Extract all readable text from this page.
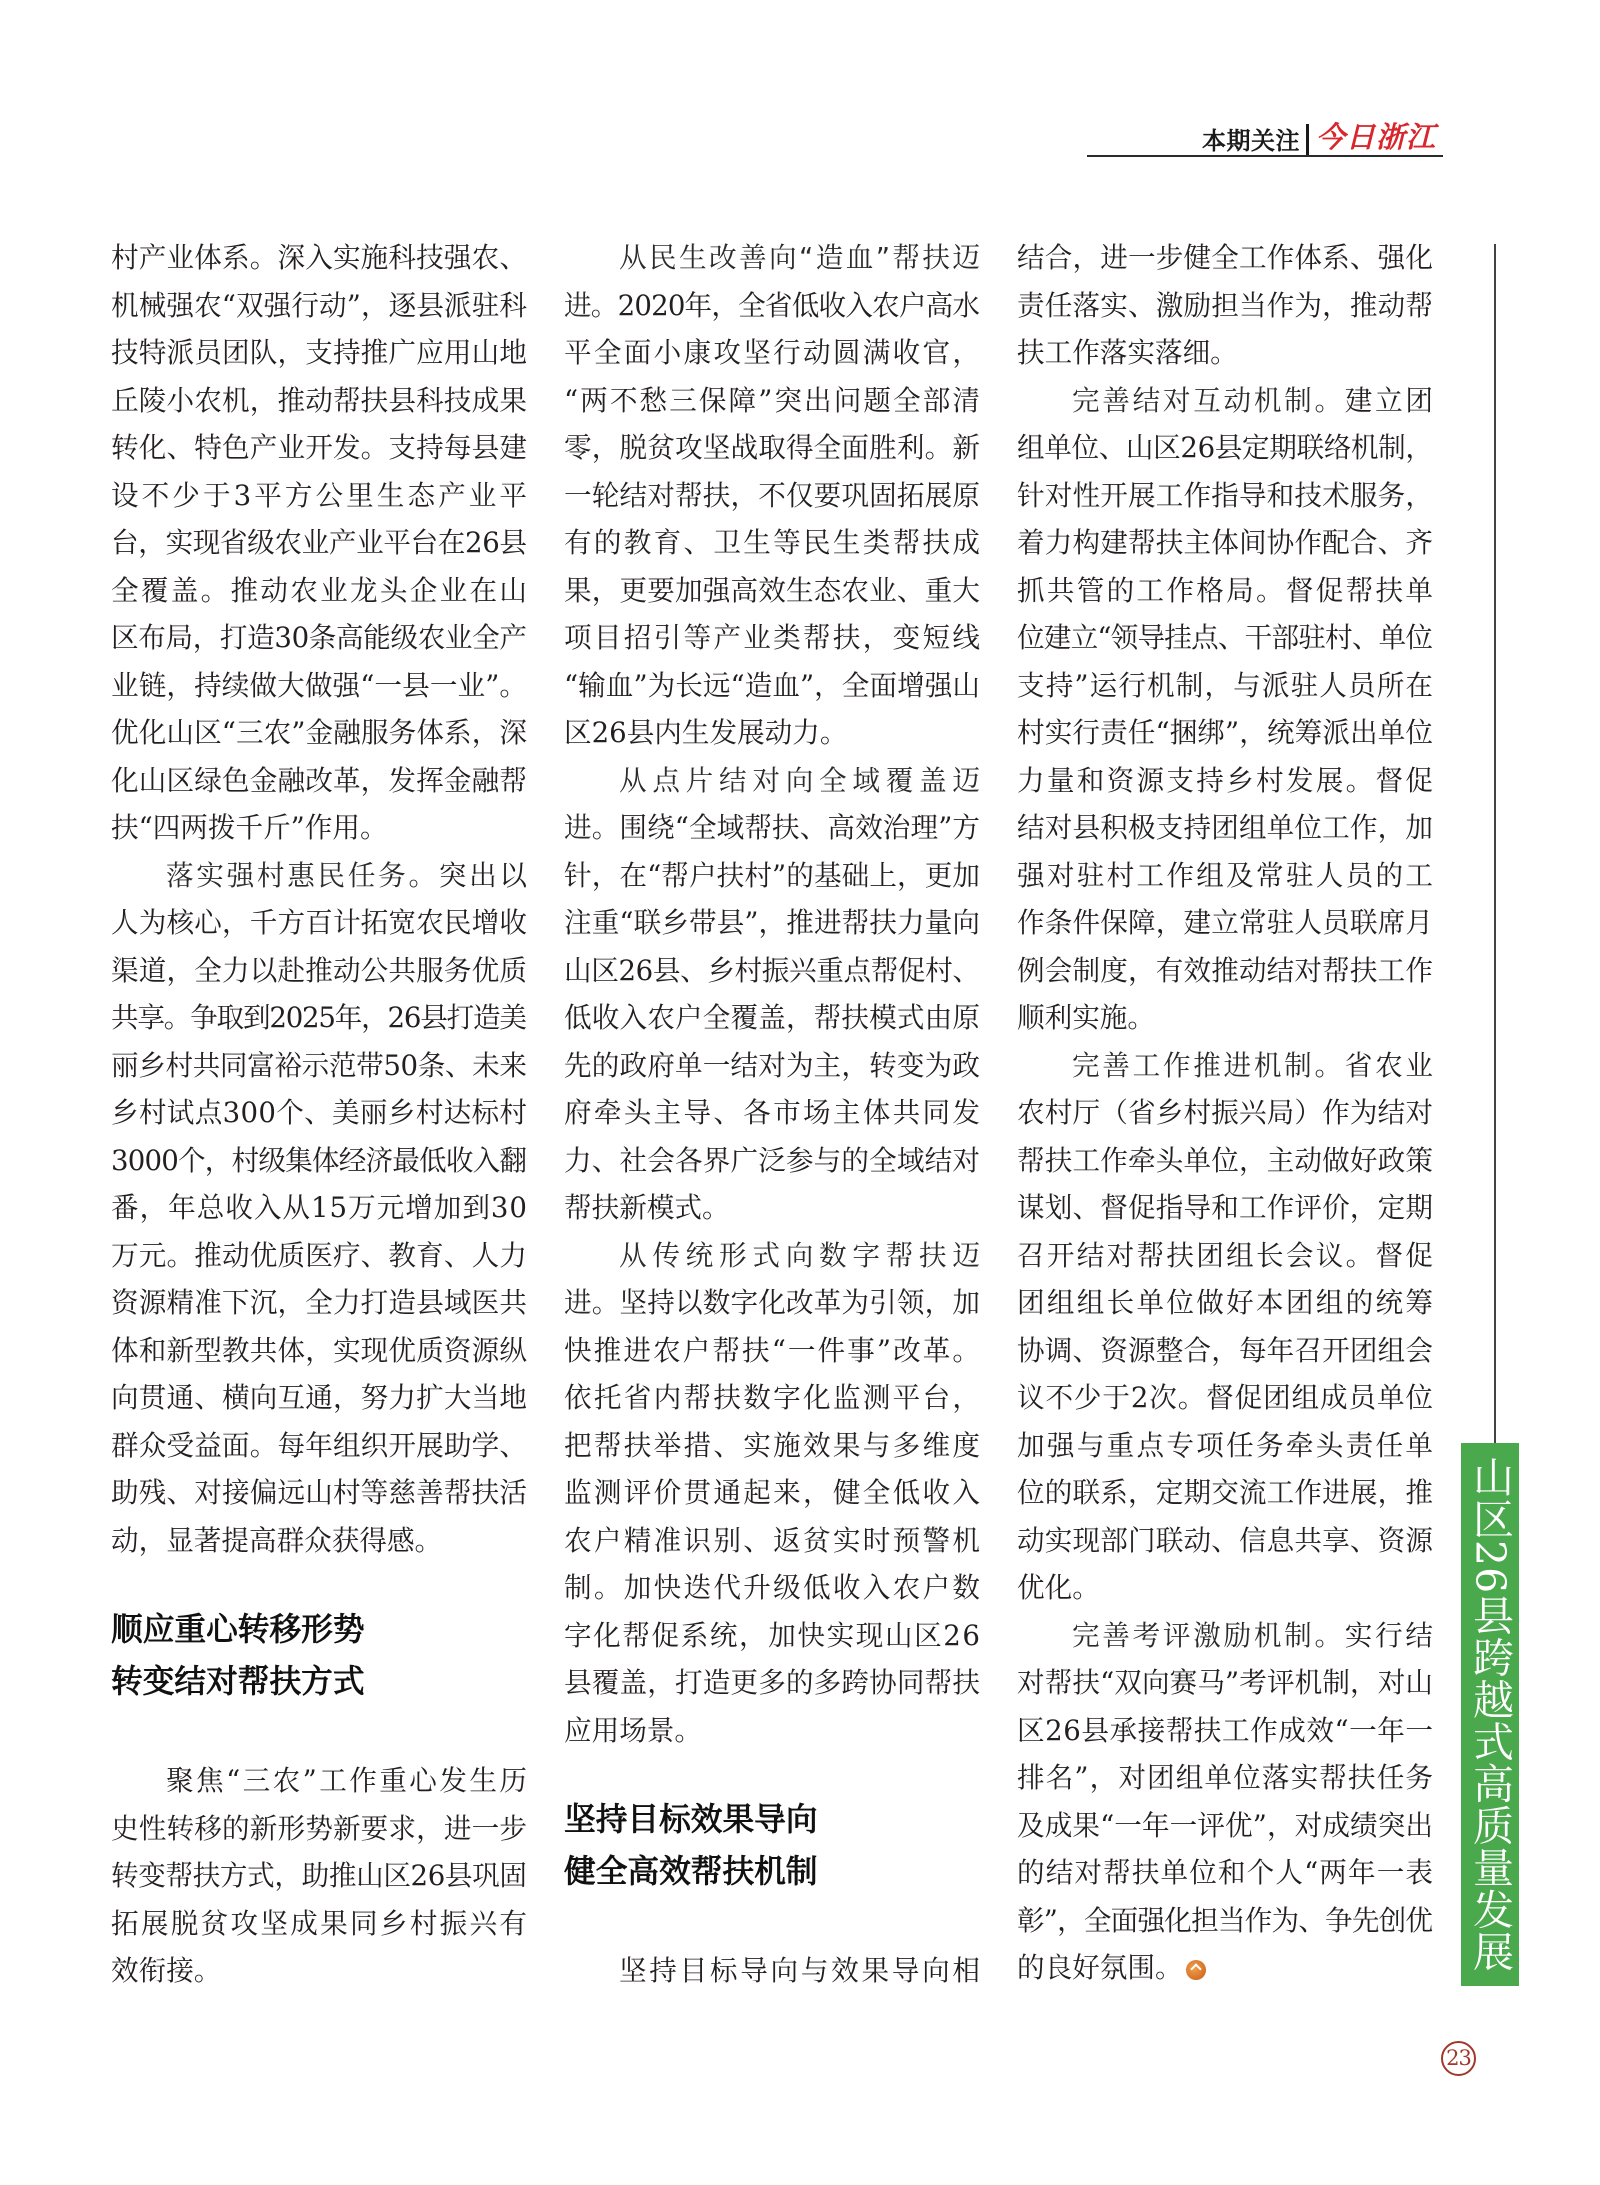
本期关注 今日浙江
村产业体系。深入实施科技强农、
机械强农“双强行动”，逐县派驻科
技特派员团队，支持推广应用山地
丘陵小农机，推动帮扶县科技成果
转化、特色产业开发。支持每县建
设不少于3平方公里生态产业平
台，实现省级农业产业平台在26县
全覆盖。推动农业龙头企业在山
区布局，打造30条高能级农业全产
业链，持续做大做强“一县一业”。
优化山区“三农”金融服务体系，深
化山区绿色金融改革，发挥金融帮
扶“四两拨千斤”作用。
落实强村惠民任务。突出以
人为核心，千方百计拓宽农民增收
渠道，全力以赴推动公共服务优质
共享。争取到2025年，26县打造美
丽乡村共同富裕示范带50条、未来
乡村试点300个、美丽乡村达标村
3000个，村级集体经济最低收入翻
番，年总收入从15万元增加到30
万元。推动优质医疗、教育、人力
资源精准下沉，全力打造县域医共
体和新型教共体，实现优质资源纵
向贯通、横向互通，努力扩大当地
群众受益面。每年组织开展助学、
助残、对接偏远山村等慈善帮扶活
动，显著提高群众获得感。
顺应重心转移形势
转变结对帮扶方式
聚焦“三农”工作重心发生历
史性转移的新形势新要求，进一步
转变帮扶方式，助推山区26县巩固
拓展脱贫攻坚成果同乡村振兴有
效衔接。
从民生改善向“造血”帮扶迈
进。2020年，全省低收入农户高水
平全面小康攻坚行动圆满收官，
“两不愁三保障”突出问题全部清
零，脱贫攻坚战取得全面胜利。新
一轮结对帮扶，不仅要巩固拓展原
有的教育、卫生等民生类帮扶成
果，更要加强高效生态农业、重大
项目招引等产业类帮扶，变短线
“输血”为长远“造血”，全面增强山
区26县内生发展动力。
从点片结对向全域覆盖迈
进。围绕“全域帮扶、高效治理”方
针，在“帮户扶村”的基础上，更加
注重“联乡带县”，推进帮扶力量向
山区26县、乡村振兴重点帮促村、
低收入农户全覆盖，帮扶模式由原
先的政府单一结对为主，转变为政
府牵头主导、各市场主体共同发
力、社会各界广泛参与的全域结对
帮扶新模式。
从传统形式向数字帮扶迈
进。坚持以数字化改革为引领，加
快推进农户帮扶“一件事”改革。
依托省内帮扶数字化监测平台，
把帮扶举措、实施效果与多维度
监测评价贯通起来，健全低收入
农户精准识别、返贫实时预警机
制。加快迭代升级低收入农户数
字化帮促系统，加快实现山区26
县覆盖，打造更多的多跨协同帮扶
应用场景。
坚持目标效果导向
健全高效帮扶机制
坚持目标导向与效果导向相
结合，进一步健全工作体系、强化
责任落实、激励担当作为，推动帮
扶工作落实落细。
完善结对互动机制。建立团
组单位、山区26县定期联络机制，
针对性开展工作指导和技术服务，
着力构建帮扶主体间协作配合、齐
抓共管的工作格局。督促帮扶单
位建立“领导挂点、干部驻村、单位
支持”运行机制，与派驻人员所在
村实行责任“捆绑”，统筹派出单位
力量和资源支持乡村发展。督促
结对县积极支持团组单位工作，加
强对驻村工作组及常驻人员的工
作条件保障，建立常驻人员联席月
例会制度，有效推动结对帮扶工作
顺利实施。
完善工作推进机制。省农业
农村厅（省乡村振兴局）作为结对
帮扶工作牵头单位，主动做好政策
谋划、督促指导和工作评价，定期
召开结对帮扶团组长会议。督促
团组组长单位做好本团组的统筹
协调、资源整合，每年召开团组会
议不少于2次。督促团组成员单位
加强与重点专项任务牵头责任单
位的联系，定期交流工作进展，推
动实现部门联动、信息共享、资源
优化。
完善考评激励机制。实行结
对帮扶“双向赛马”考评机制，对山
区26县承接帮扶工作成效“一年一
排名”，对团组单位落实帮扶任务
及成果“一年一评优”，对成绩突出
的结对帮扶单位和个人“两年一表
彰”，全面强化担当作为、争先创优
的良好氛围。	山区26县跨越式高质量发展
23
